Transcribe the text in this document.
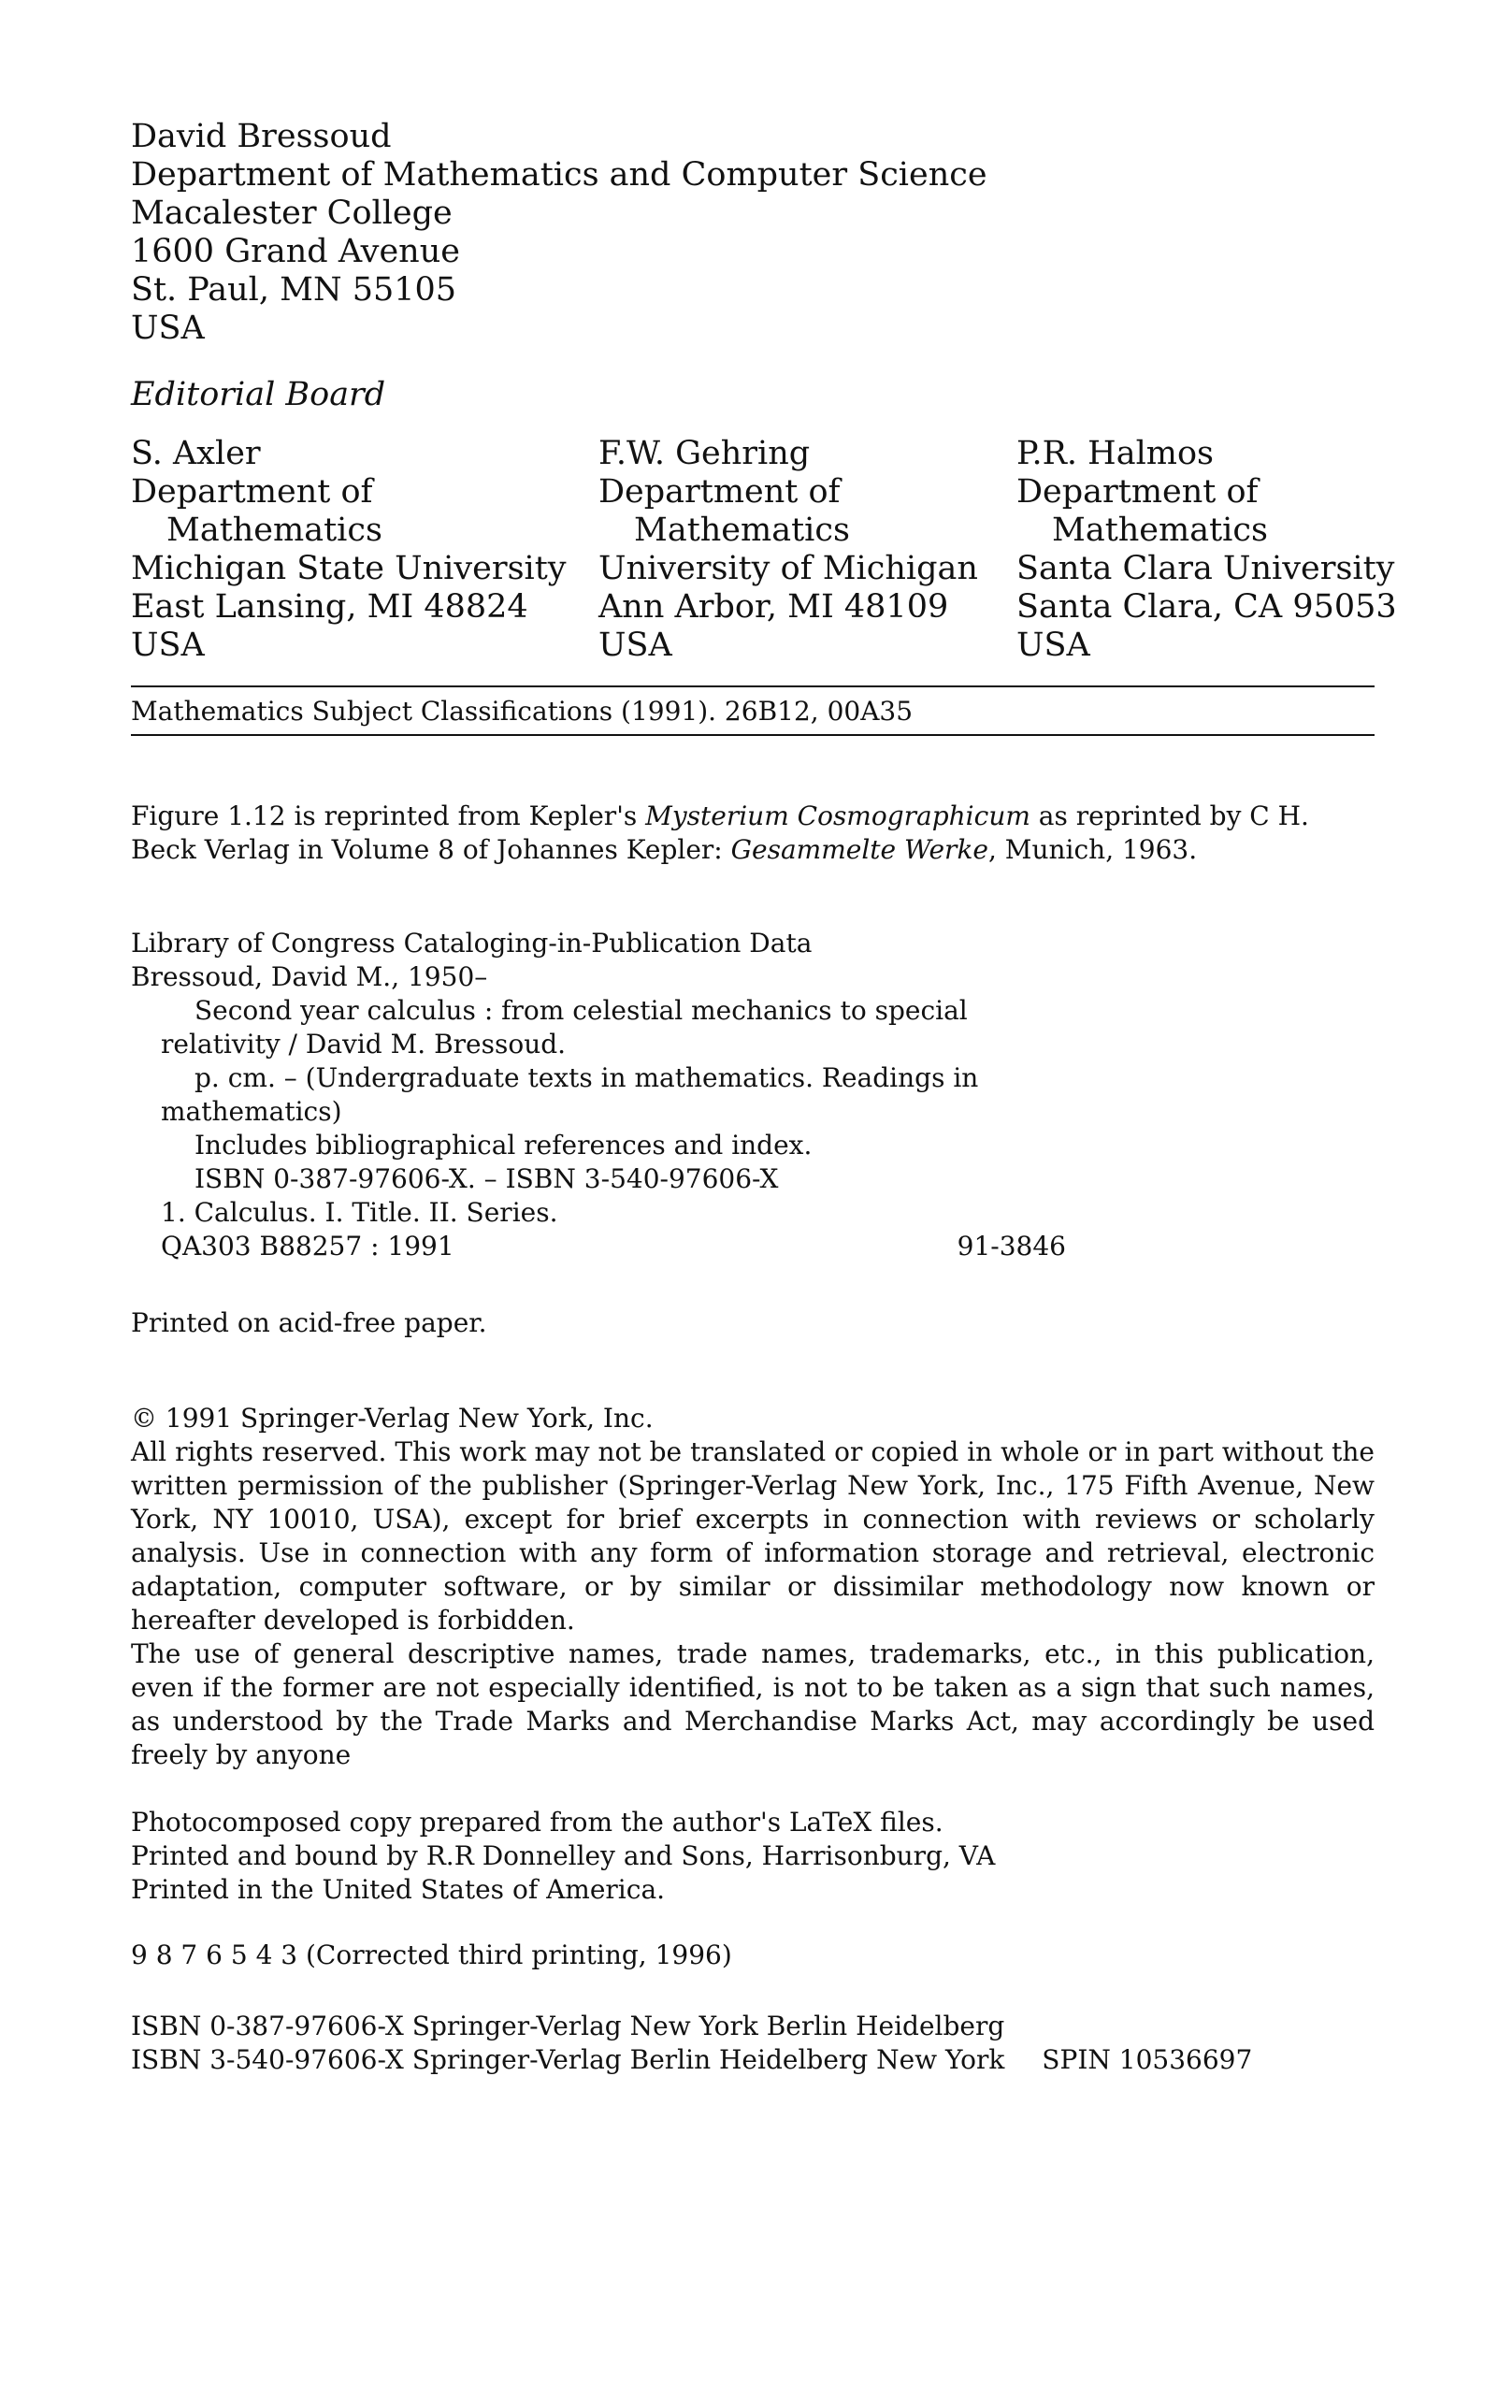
David Bressoud
Department of Mathematics and Computer Science
Macalester College
1600 Grand Avenue
St. Paul, MN 55105
USA
Editorial Board
S. Axler
Department of
Mathematics
Michigan State University
East Lansing, MI 48824
USA
F.W. Gehring
Department of
Mathematics
University of Michigan
Ann Arbor, MI 48109
USA
P.R. Halmos
Department of
Mathematics
Santa Clara University
Santa Clara, CA 95053
USA
Mathematics Subject Classifications (1991). 26B12, 00A35
Figure 1.12 is reprinted from Kepler's Mysterium Cosmographicum as reprinted by C H. Beck Verlag in Volume 8 of Johannes Kepler: Gesammelte Werke, Munich, 1963.
Library of Congress Cataloging-in-Publication Data
Bressoud, David M., 1950–
Second year calculus : from celestial mechanics to special
relativity / David M. Bressoud.
p. cm. – (Undergraduate texts in mathematics. Readings in
mathematics)
Includes bibliographical references and index.
ISBN 0-387-97606-X. – ISBN 3-540-97606-X
1. Calculus. I. Title. II. Series.
QA303 B88257 : 1991	91-3846
Printed on acid-free paper.

© 1991 Springer-Verlag New York, Inc.

All rights reserved. This work may not be translated or copied in whole or in part without the written permission of the publisher (Springer-Verlag New York, Inc., 175 Fifth Avenue, New York, NY 10010, USA), except for brief excerpts in connection with reviews or scholarly analysis. Use in connection with any form of information storage and retrieval, electronic adaptation, computer software, or by similar or dissimilar methodology now known or hereafter developed is forbidden.

The use of general descriptive names, trade names, trademarks, etc., in this publication, even if the former are not especially identified, is not to be taken as a sign that such names, as understood by the Trade Marks and Merchandise Marks Act, may accordingly be used freely by anyone

Photocomposed copy prepared from the author's LaTeX files.
Printed and bound by R.R Donnelley and Sons, Harrisonburg, VA
Printed in the United States of America.
9 8 7 6 5 4 3 (Corrected third printing, 1996)
ISBN 0-387-97606-X Springer-Verlag New York Berlin Heidelberg
ISBN 3-540-97606-X Springer-Verlag Berlin Heidelberg New York SPIN 10536697
